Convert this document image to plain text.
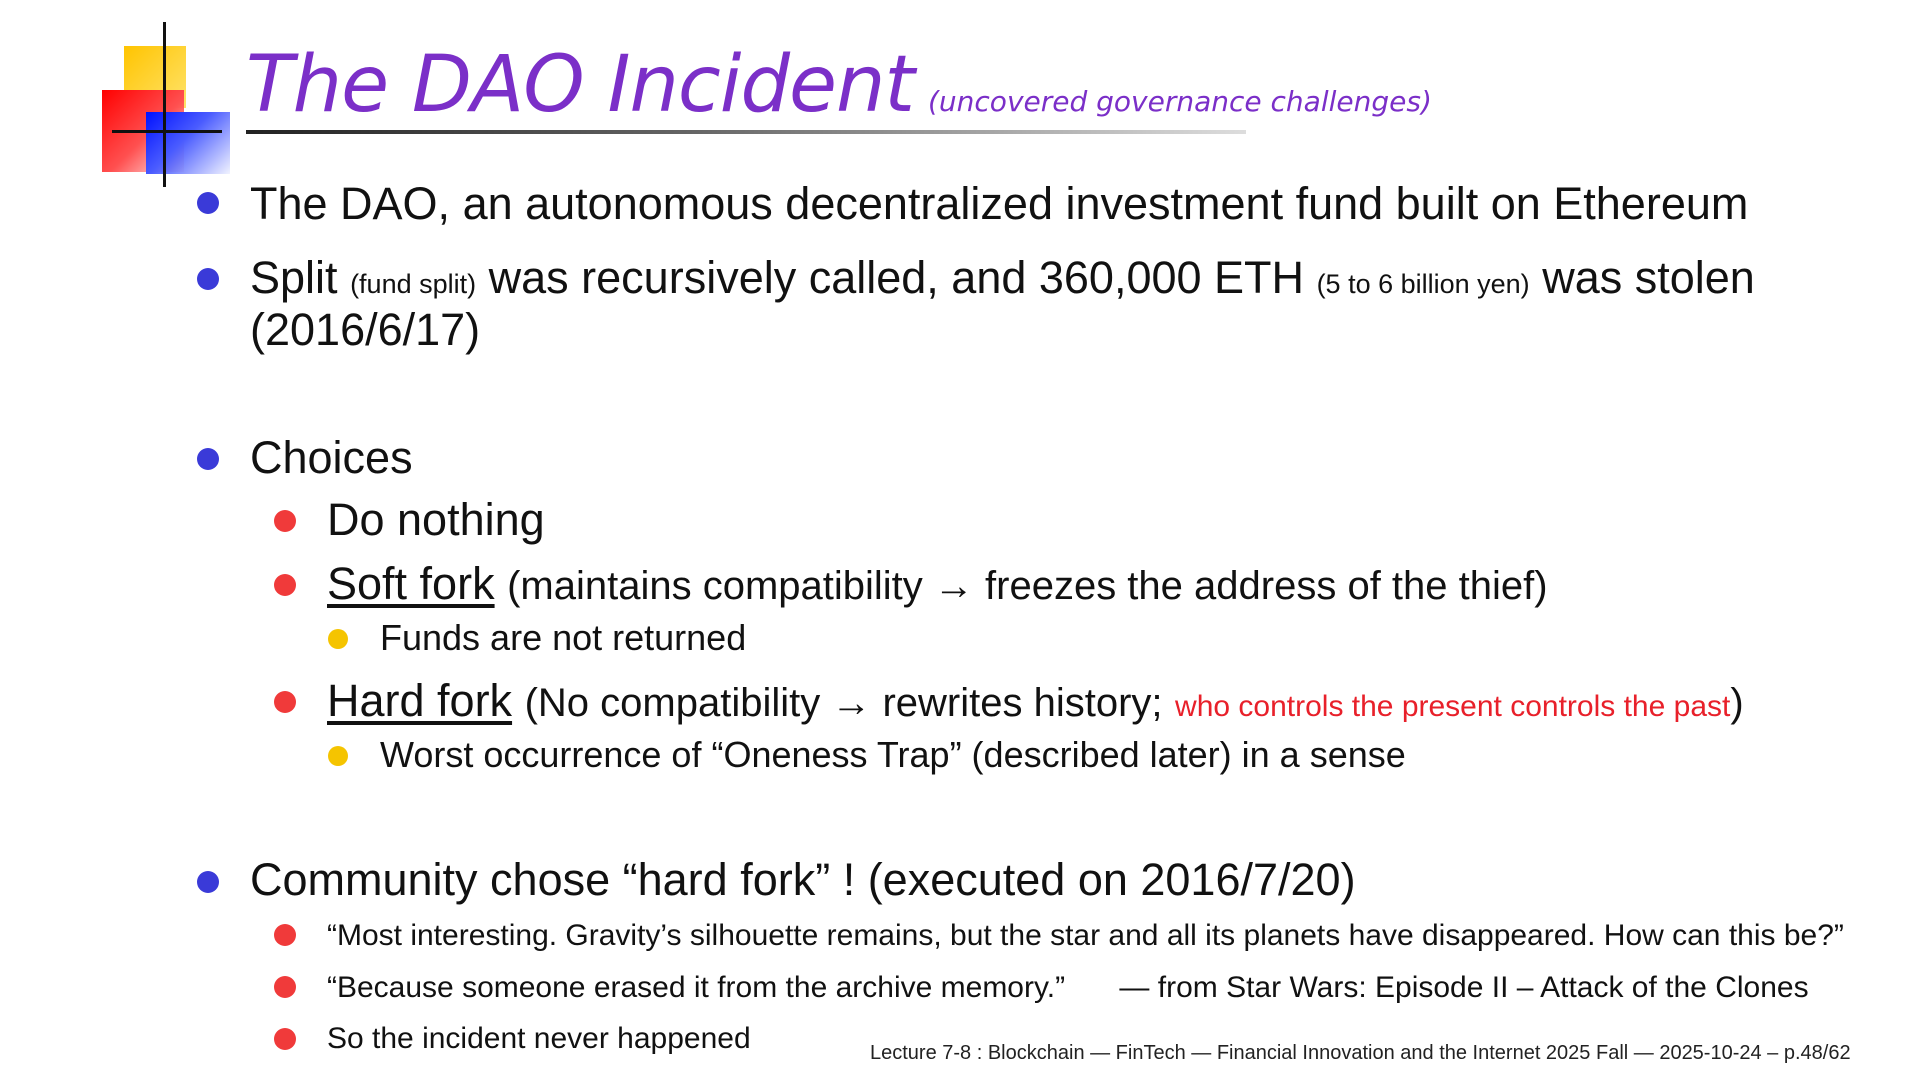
The DAO Incident (uncovered governance challenges)
The DAO, an autonomous decentralized investment fund built on Ethereum
Split (fund split) was recursively called, and 360,000 ETH (5 to 6 billion yen) was stolen
(2016/6/17)
Choices
Do nothing
Soft fork (maintains compatibility → freezes the address of the thief)
Funds are not returned
Hard fork (No compatibility → rewrites history; who controls the present controls the past)
Worst occurrence of “Oneness Trap” (described later) in a sense
Community chose “hard fork” ! (executed on 2016/7/20)
“Most interesting. Gravity’s silhouette remains, but the star and all its planets have disappeared. How can this be?”
“Because someone erased it from the archive memory.” — from Star Wars: Episode II – Attack of the Clones
So the incident never happened	Lecture 7-8 : Blockchain — FinTech — Financial Innovation and the Internet 2025 Fall — 2025-10-24 – p.48/62
